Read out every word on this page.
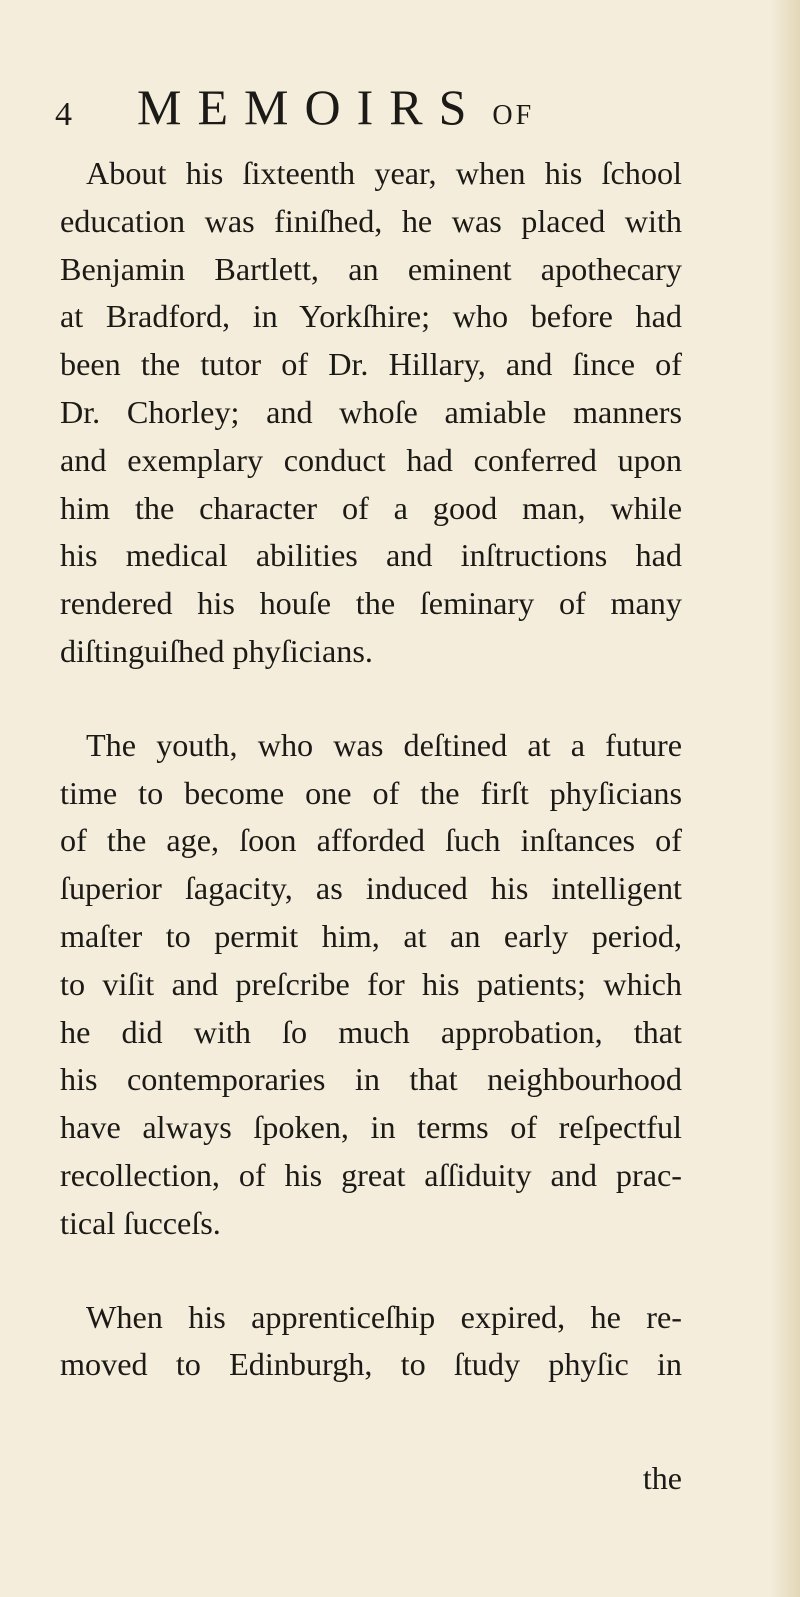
4 MEMOIRS OF
About his ſixteenth year, when his ſchool
education was finiſhed, he was placed with
Benjamin Bartlett, an eminent apothecary
at Bradford, in Yorkſhire; who before had
been the tutor of Dr. Hillary, and ſince of
Dr. Chorley; and whoſe amiable manners
and exemplary conduct had conferred upon
him the character of a good man, while
his medical abilities and inſtructions had
rendered his houſe the ſeminary of many
diſtinguiſhed phyſicians.
The youth, who was deſtined at a future
time to become one of the firſt phyſicians
of the age, ſoon afforded ſuch inſtances of
ſuperior ſagacity, as induced his intelligent
maſter to permit him, at an early period,
to viſit and preſcribe for his patients; which
he did with ſo much approbation, that
his contemporaries in that neighbourhood
have always ſpoken, in terms of reſpectful
recollection, of his great aſſiduity and prac-
tical ſucceſs.
When his apprenticeſhip expired, he re-
moved to Edinburgh, to ſtudy phyſic in
the
